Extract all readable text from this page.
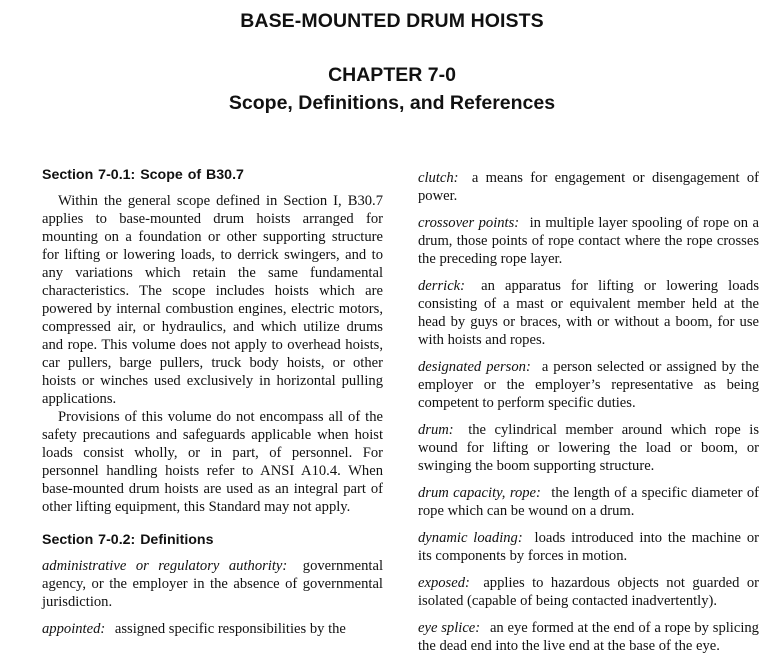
BASE-MOUNTED DRUM HOISTS
CHAPTER 7-0
Scope, Definitions, and References
Section 7-0.1: Scope of B30.7

Within the general scope defined in Section I, B30.7 applies to base-mounted drum hoists arranged for mounting on a foundation or other supporting structure for lifting or lowering loads, to derrick swingers, and to any variations which retain the same fundamental characteristics. The scope includes hoists which are powered by internal combustion engines, electric motors, compressed air, or hydraulics, and which utilize drums and rope. This volume does not apply to overhead hoists, car pullers, barge pullers, truck body hoists, or other hoists or winches used exclusively in horizontal pulling applications.

Provisions of this volume do not encompass all of the safety precautions and safeguards applicable when hoist loads consist wholly, or in part, of personnel. For personnel handling hoists refer to ANSI A10.4. When base-mounted drum hoists are used as an integral part of other lifting equipment, this Standard may not apply.

Section 7-0.2: Definitions

administrative or regulatory authority: governmental agency, or the employer in the absence of governmental jurisdiction.

appointed: assigned specific responsibilities by the

clutch: a means for engagement or disengagement of power.

crossover points: in multiple layer spooling of rope on a drum, those points of rope contact where the rope crosses the preceding rope layer.

derrick: an apparatus for lifting or lowering loads consisting of a mast or equivalent member held at the head by guys or braces, with or without a boom, for use with hoists and ropes.

designated person: a person selected or assigned by the employer or the employer’s representative as being competent to perform specific duties.

drum: the cylindrical member around which rope is wound for lifting or lowering the load or boom, or swinging the boom supporting structure.

drum capacity, rope: the length of a specific diameter of rope which can be wound on a drum.

dynamic loading: loads introduced into the machine or its components by forces in motion.

exposed: applies to hazardous objects not guarded or isolated (capable of being contacted inadvertently).

eye splice: an eye formed at the end of a rope by splicing the dead end into the live end at the base of the eye.
